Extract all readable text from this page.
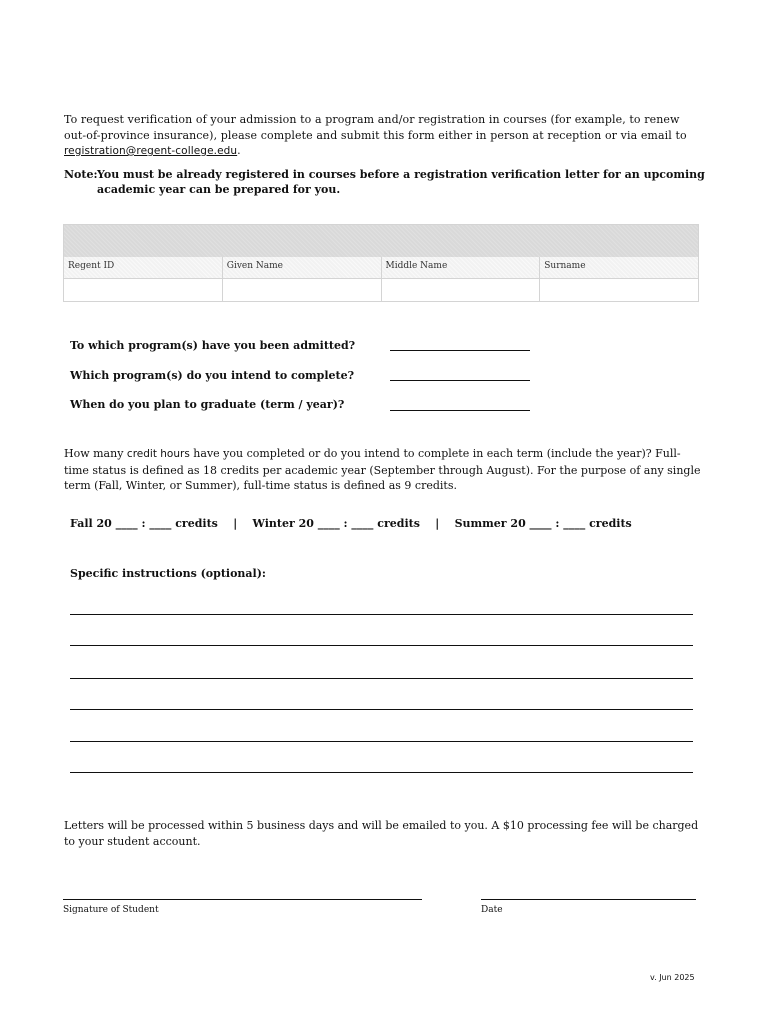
To request verification of your admission to a program and/or registration in courses (for example, to renew out-of-province insurance), please complete and submit this form either in person at reception or via email to registration@regent-college.edu.
Note: You must be already registered in courses before a registration verification letter for an upcoming academic year can be prepared for you.
Regent ID	Given Name	Middle Name	Surname
To which program(s) have you been admitted?
Which program(s) do you intend to complete?
When do you plan to graduate (term / year)?
How many credit hours have you completed or do you intend to complete in each term (include the year)? Full-time status is defined as 18 credits per academic year (September through August). For the purpose of any single term (Fall, Winter, or Summer), full-time status is defined as 9 credits.
Fall 20 ____ : ____ credits | Winter 20 ____ : ____ credits | Summer 20 ____ : ____ credits
Specific instructions (optional):
Letters will be processed within 5 business days and will be emailed to you. A $10 processing fee will be charged to your student account.
Signature of Student	Date
v. Jun 2025
